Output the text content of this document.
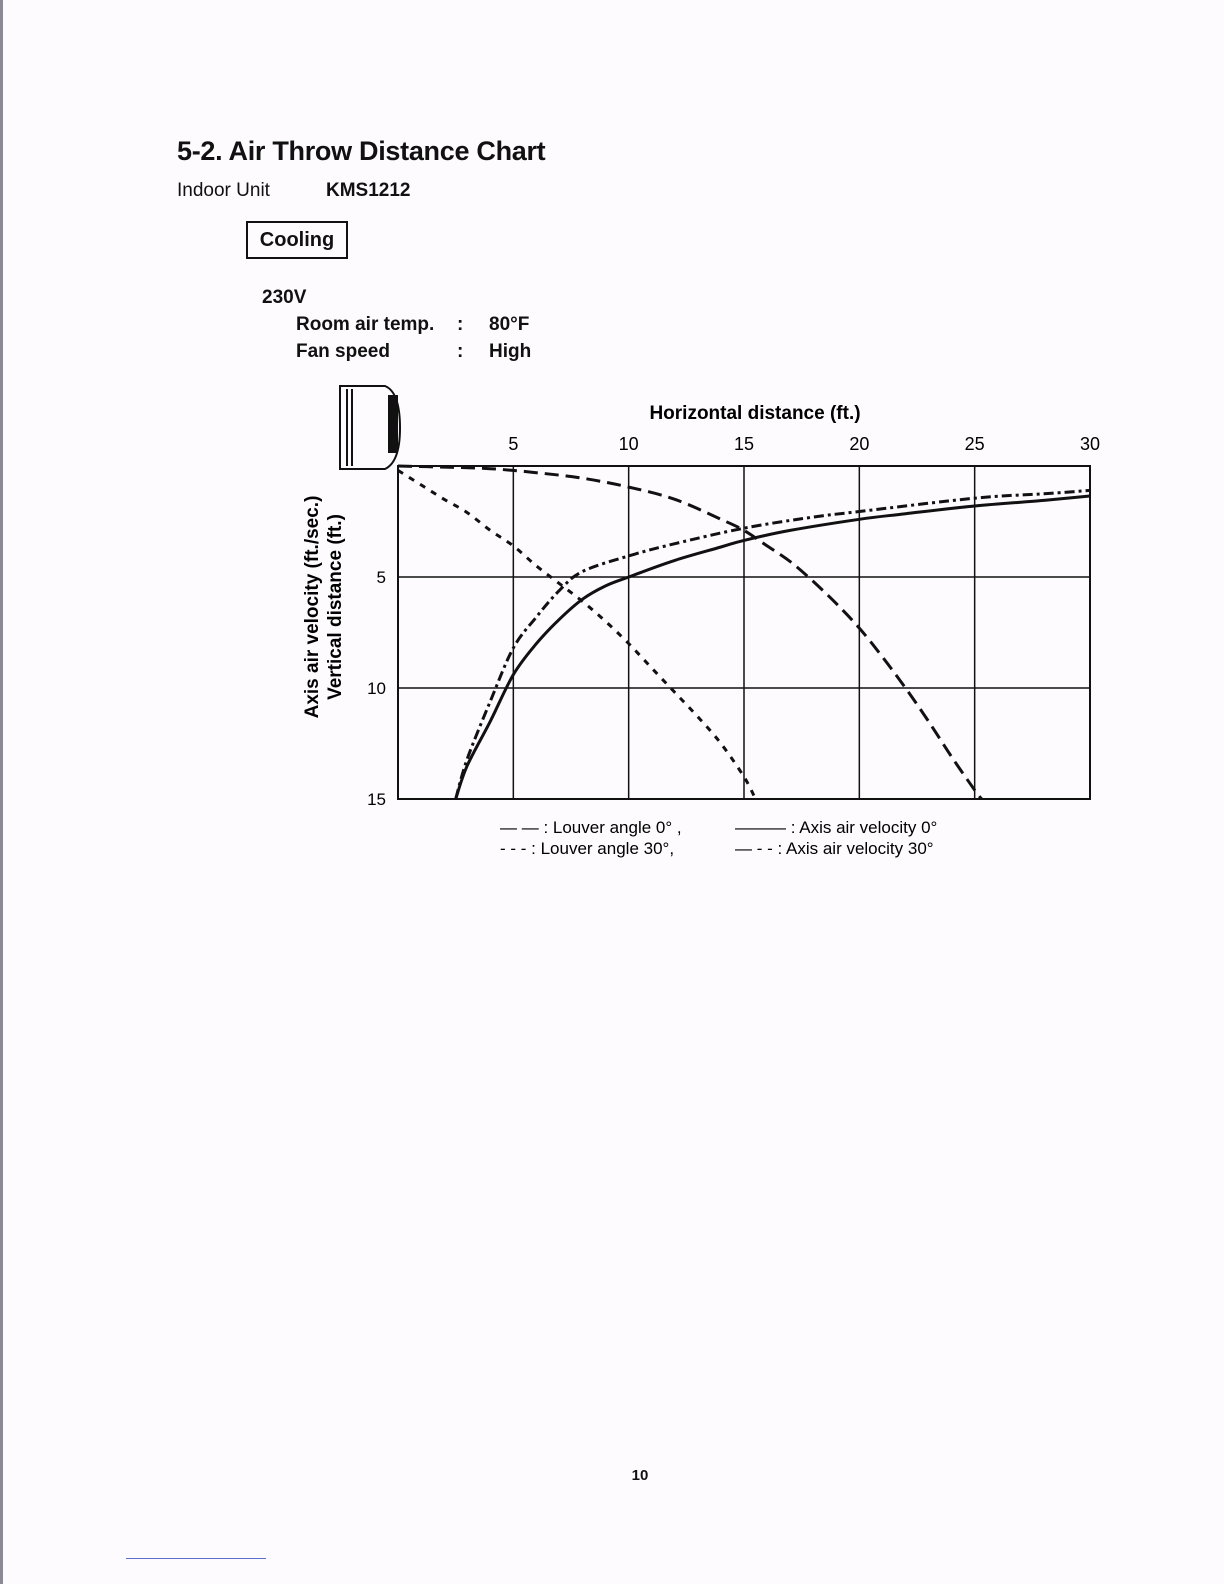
5-2. Air Throw Distance Chart
Indoor Unit	KMS1212
Cooling
230V
Room air temp. : 80°F
Fan speed	: High
Horizontal distance (ft.)
Axis air velocity (ft./sec.) Vertical distance (ft.)
5	10	15	20	25	30
5
10
15
— — : Louver angle 0° ,	——— : Axis air velocity 0°
- - - : Louver angle 30°,	— - - : Axis air velocity 30°
10
